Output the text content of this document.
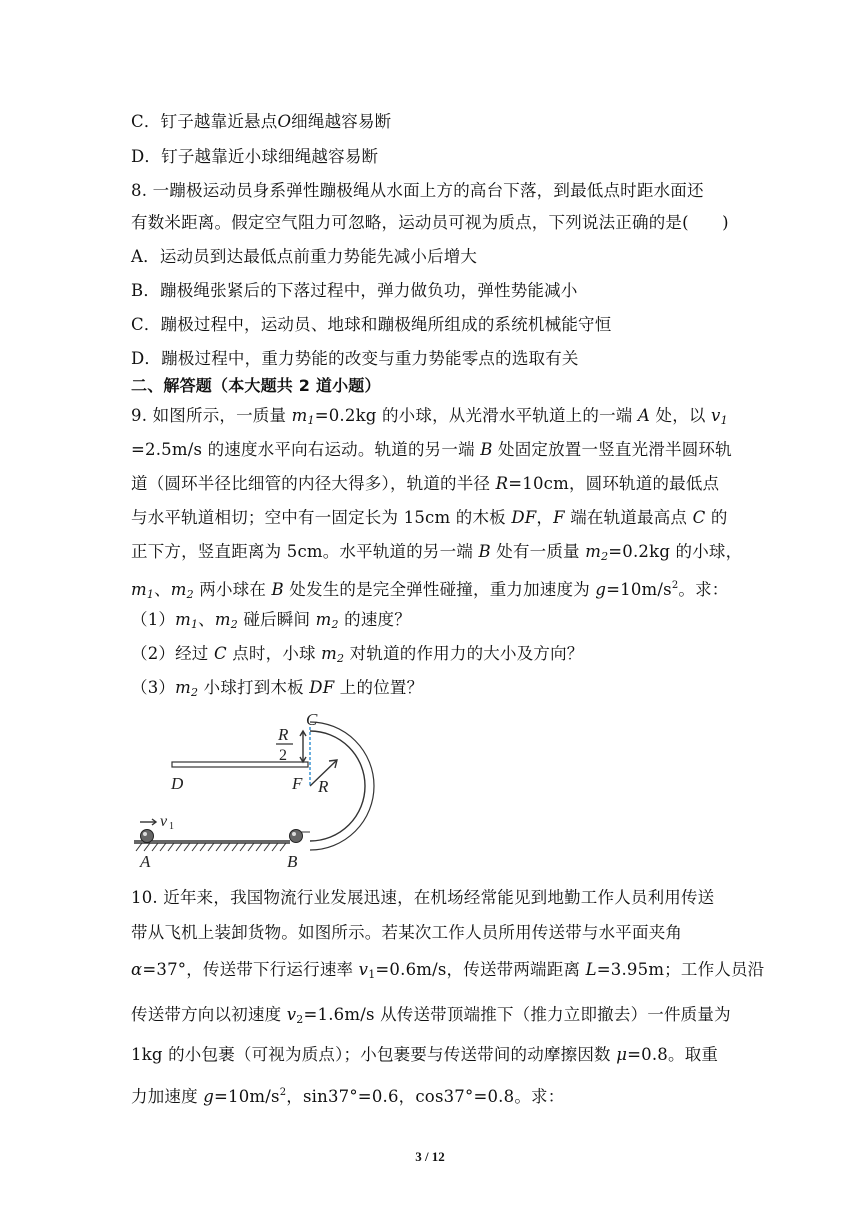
C．钉子越靠近悬点O细绳越容易断
D．钉子越靠近小球细绳越容易断
8. 一蹦极运动员身系弹性蹦极绳从水面上方的高台下落，到最低点时距水面还
有数米距离。假定空气阻力可忽略，运动员可视为质点，下列说法正确的是(　　)
A．运动员到达最低点前重力势能先减小后增大
B．蹦极绳张紧后的下落过程中，弹力做负功，弹性势能减小
C．蹦极过程中，运动员、地球和蹦极绳所组成的系统机械能守恒
D．蹦极过程中，重力势能的改变与重力势能零点的选取有关
二、解答题（本大题共 2 道小题）
9. 如图所示，一质量 $m_1=0.2kg$ 的小球，从光滑水平轨道上的一端 A 处，以 $v_1$
=2.5m/s 的速度水平向右运动。轨道的另一端 B 处固定放置一竖直光滑半圆环轨
道（圆环半径比细管的内径大得多），轨道的半径 R=10cm，圆环轨道的最低点
与水平轨道相切；空中有一固定长为 15cm 的木板 DF，F 端在轨道最高点 C 的
正下方，竖直距离为 5cm。水平轨道的另一端 B 处有一质量 $m_2=0.2kg$ 的小球，
$m_1$、$m_2$ 两小球在 B 处发生的是完全弹性碰撞，重力加速度为 $g=10m/s^2$。求：
$(1)m_1$、$m_2$ 碰后瞬间 $m_2$ 的速度？
（2）经过 C 点时，小球 $m_2$ 对轨道的作用力的大小及方向？
$(3)m_2$ 小球打到木板 DF 上的位置？
C
R
D	F R
A	B
v
2
1
10. 近年来，我国物流行业发展迅速，在机场经常能见到地勤工作人员利用传送
带从飞机上装卸货物。如图所示。若某次工作人员所用传送带与水平面夹角
α=37°，传送带下行运行速率 $v_1=0.6m/s$，传送带两端距离 L=3.95m；工作人员沿
传送带方向以初速度 $v_2=1.6m/s$ 从传送带顶端推下（推力立即撤去）一件质量为
1kg 的小包裹（可视为质点）；小包裹要与传送带间的动摩擦因数 μ=0.8。取重
力加速度 $g=10m/s^2$，sin37°=0.6，cos37°=0.8。求：
3 / 12
